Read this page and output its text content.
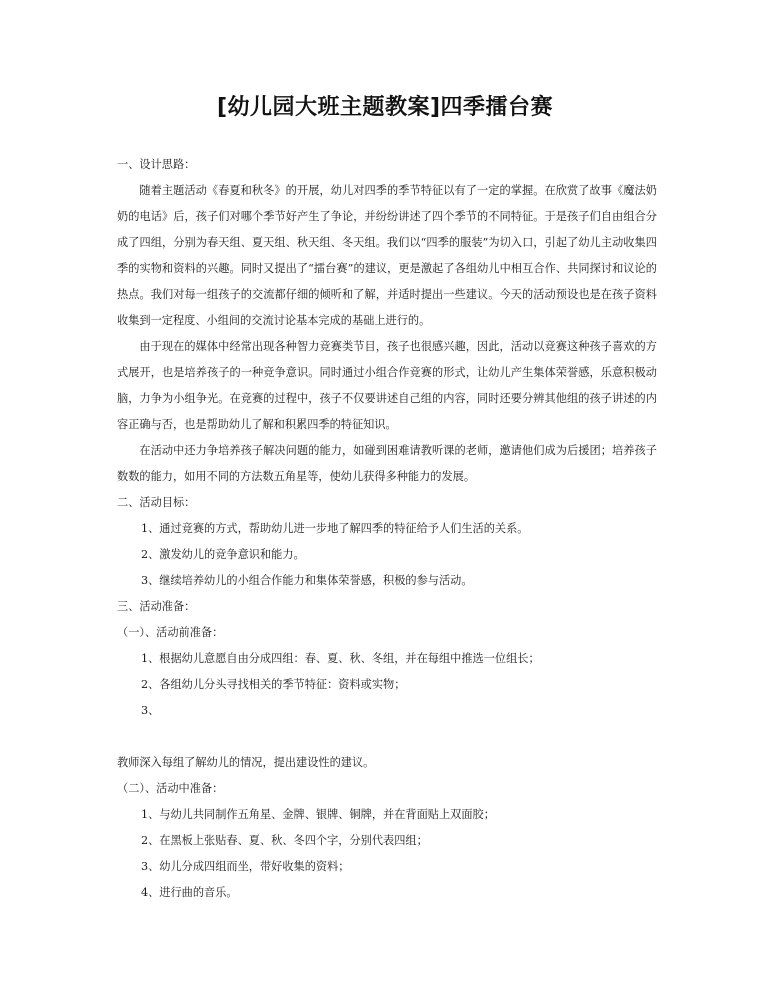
[幼儿园大班主题教案]四季擂台赛
一、设计思路：
随着主题活动《春夏和秋冬》的开展，幼儿对四季的季节特征以有了一定的掌握。在欣赏了故事《魔法奶奶的电话》后，孩子们对哪个季节好产生了争论，并纷纷讲述了四个季节的不同特征。于是孩子们自由组合分成了四组，分别为春天组、夏天组、秋天组、冬天组。我们以“四季的服装”为切入口，引起了幼儿主动收集四季的实物和资料的兴趣。同时又提出了“擂台赛”的建议，更是激起了各组幼儿中相互合作、共同探讨和议论的热点。我们对每一组孩子的交流都仔细的倾听和了解，并适时提出一些建议。今天的活动预设也是在孩子资料收集到一定程度、小组间的交流讨论基本完成的基础上进行的。
由于现在的媒体中经常出现各种智力竞赛类节目，孩子也很感兴趣，因此，活动以竞赛这种孩子喜欢的方式展开，也是培养孩子的一种竞争意识。同时通过小组合作竞赛的形式，让幼儿产生集体荣誉感，乐意积极动脑，力争为小组争光。在竞赛的过程中，孩子不仅要讲述自己组的内容，同时还要分辨其他组的孩子讲述的内容正确与否，也是帮助幼儿了解和积累四季的特征知识。
在活动中还力争培养孩子解决问题的能力，如碰到困难请教听课的老师，邀请他们成为后援团；培养孩子数数的能力，如用不同的方法数五角星等，使幼儿获得多种能力的发展。
二、活动目标：
1、通过竞赛的方式，帮助幼儿进一步地了解四季的特征给予人们生活的关系。
2、激发幼儿的竞争意识和能力。
3、继续培养幼儿的小组合作能力和集体荣誉感，积极的参与活动。
三、活动准备：
（一）、活动前准备：
1、根据幼儿意愿自由分成四组：春、夏、秋、冬组，并在每组中推选一位组长；
2、各组幼儿分头寻找相关的季节特征：资料或实物；
3、
教师深入每组了解幼儿的情况，提出建设性的建议。
（二）、活动中准备：
1、与幼儿共同制作五角星、金牌、银牌、铜牌，并在背面贴上双面胶；
2、在黑板上张贴春、夏、秋、冬四个字，分别代表四组；
3、幼儿分成四组而坐，带好收集的资料；
4、进行曲的音乐。
